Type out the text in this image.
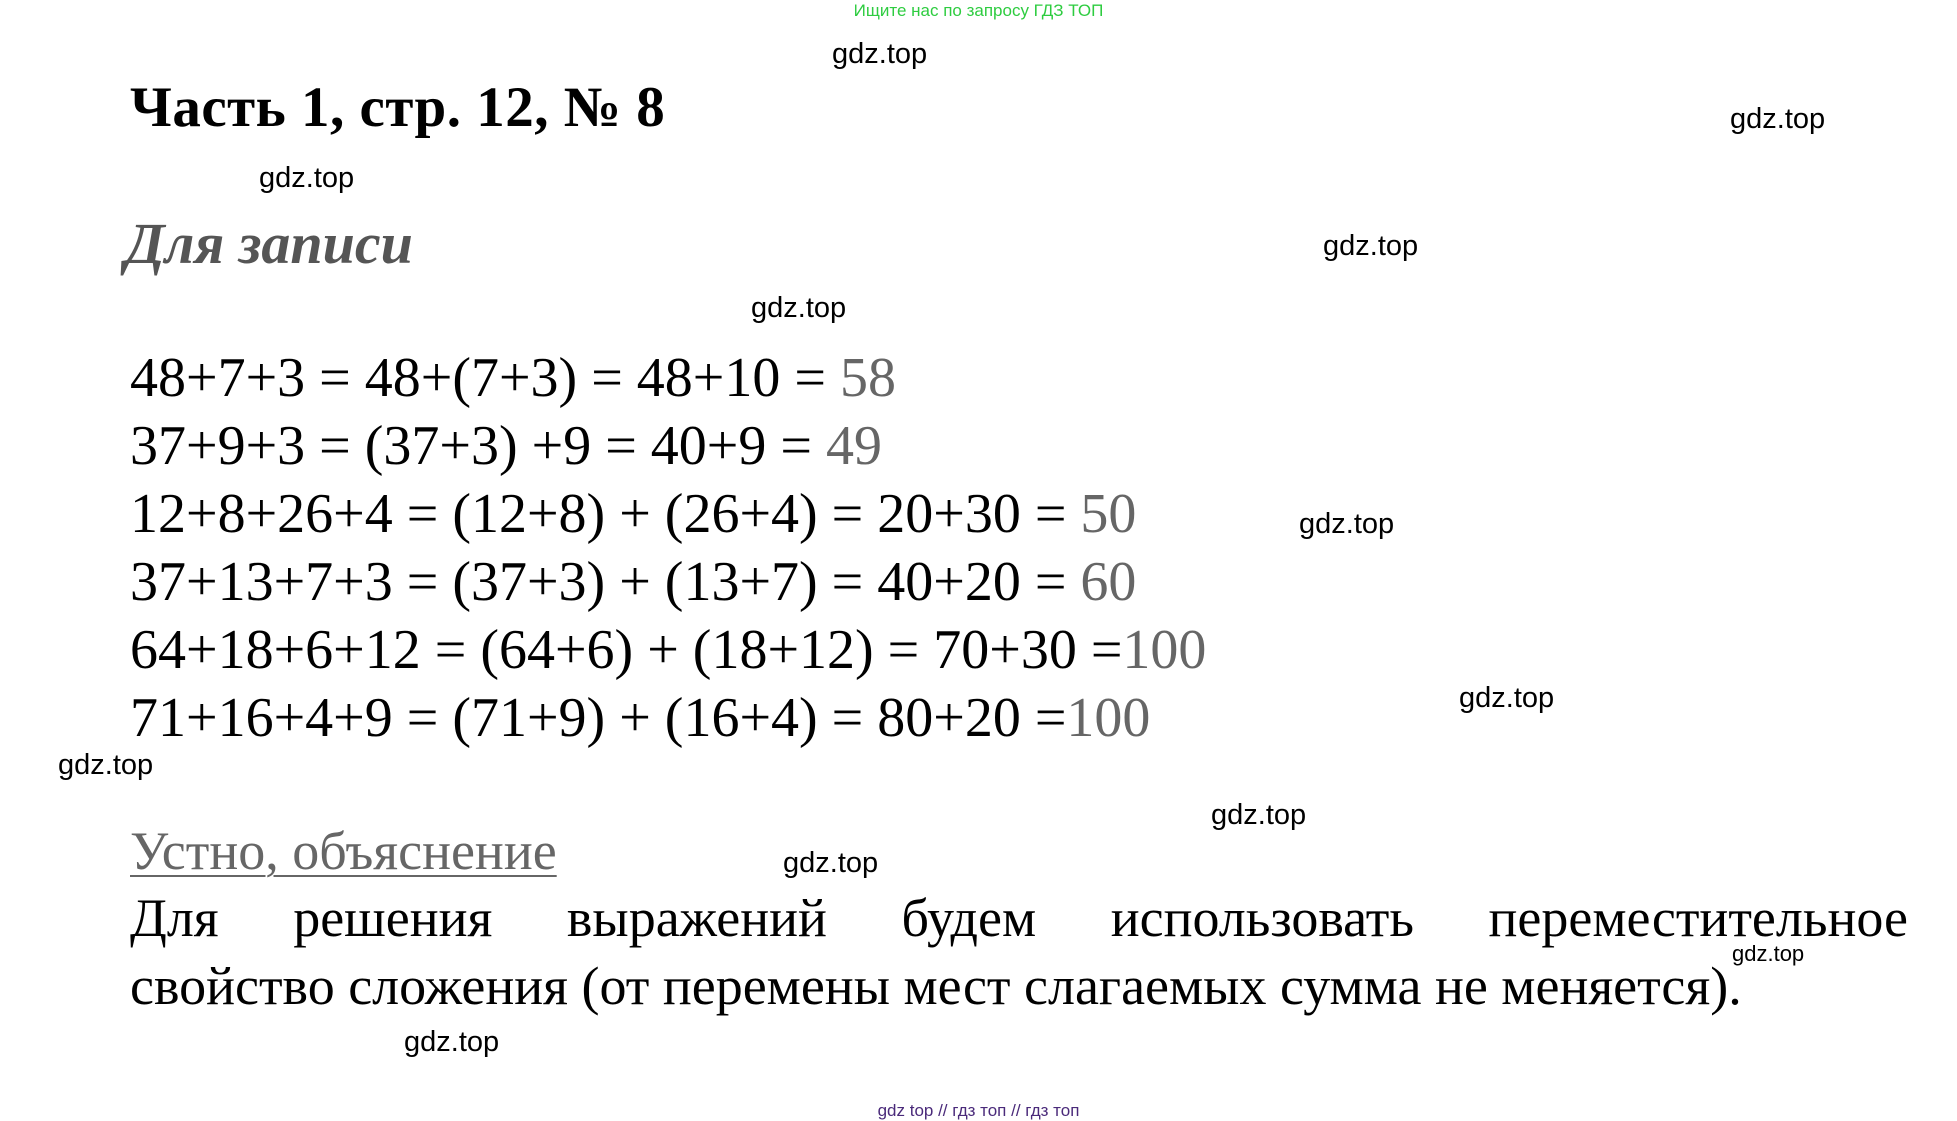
Ищите нас по запросу ГДЗ ТОП
Часть 1, стр. 12, № 8
Для записи
48+7+3 = 48+(7+3) = 48+10 = 58
37+9+3 = (37+3) +9 = 40+9 = 49
12+8+26+4 = (12+8) + (26+4) = 20+30 = 50
37+13+7+3 = (37+3) + (13+7) = 40+20 = 60
64+18+6+12 = (64+6) + (18+12) = 70+30 =100
71+16+4+9 = (71+9) + (16+4) = 80+20 =100
Устно, объяснение
Для решения выражений будем использовать переместительное
свойство сложения (от перемены мест слагаемых сумма не меняется).
gdz.top
gdz.top
gdz.top
gdz.top
gdz.top
gdz.top
gdz.top
gdz.top
gdz.top
gdz.top
gdz.top
gdz.top
gdz top // гдз топ // гдз топ
